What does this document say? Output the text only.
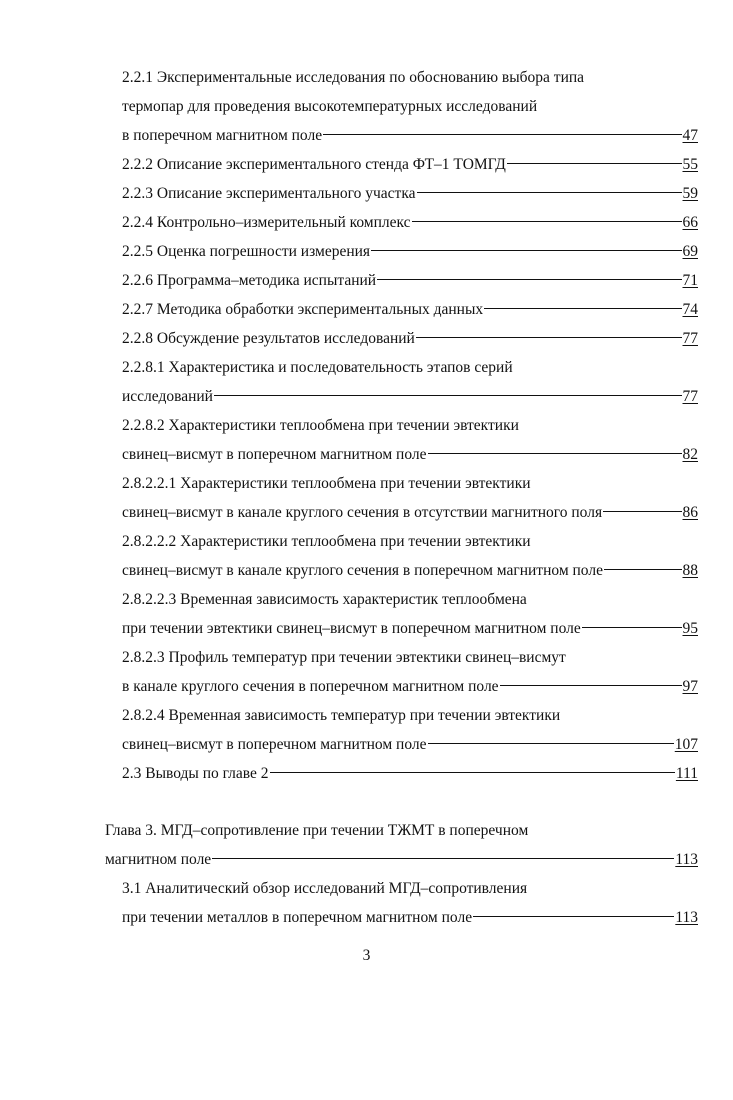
2.2.1 Экспериментальные исследования по обоснованию выбора типа
термопар для проведения высокотемпературных исследований
в поперечном магнитном поле	47
2.2.2 Описание экспериментального стенда ФТ–1 ТОМГД	55
2.2.3 Описание экспериментального участка	59
2.2.4 Контрольно–измерительный комплекс	66
2.2.5 Оценка погрешности измерения	69
2.2.6 Программа–методика испытаний	71
2.2.7 Методика обработки экспериментальных данных	74
2.2.8 Обсуждение результатов исследований	77
2.2.8.1 Характеристика и последовательность этапов серий
исследований	77
2.2.8.2 Характеристики теплообмена при течении эвтектики
свинец–висмут в поперечном магнитном поле	82
2.8.2.2.1 Характеристики теплообмена при течении эвтектики
свинец–висмут в канале круглого сечения в отсутствии магнитного поля	86
2.8.2.2.2 Характеристики теплообмена при течении эвтектики
свинец–висмут в канале круглого сечения в поперечном магнитном поле	88
2.8.2.2.3 Временная зависимость характеристик теплообмена
при течении эвтектики свинец–висмут в поперечном магнитном поле	95
2.8.2.3 Профиль температур при течении эвтектики свинец–висмут
в канале круглого сечения в поперечном магнитном поле	97
2.8.2.4 Временная зависимость температур при течении эвтектики
свинец–висмут в поперечном магнитном поле	107
2.3 Выводы по главе 2	111
Глава 3. МГД–сопротивление при течении ТЖМТ в поперечном
магнитном поле	113
3.1 Аналитический обзор исследований МГД–сопротивления
при течении металлов в поперечном магнитном поле	113
3
